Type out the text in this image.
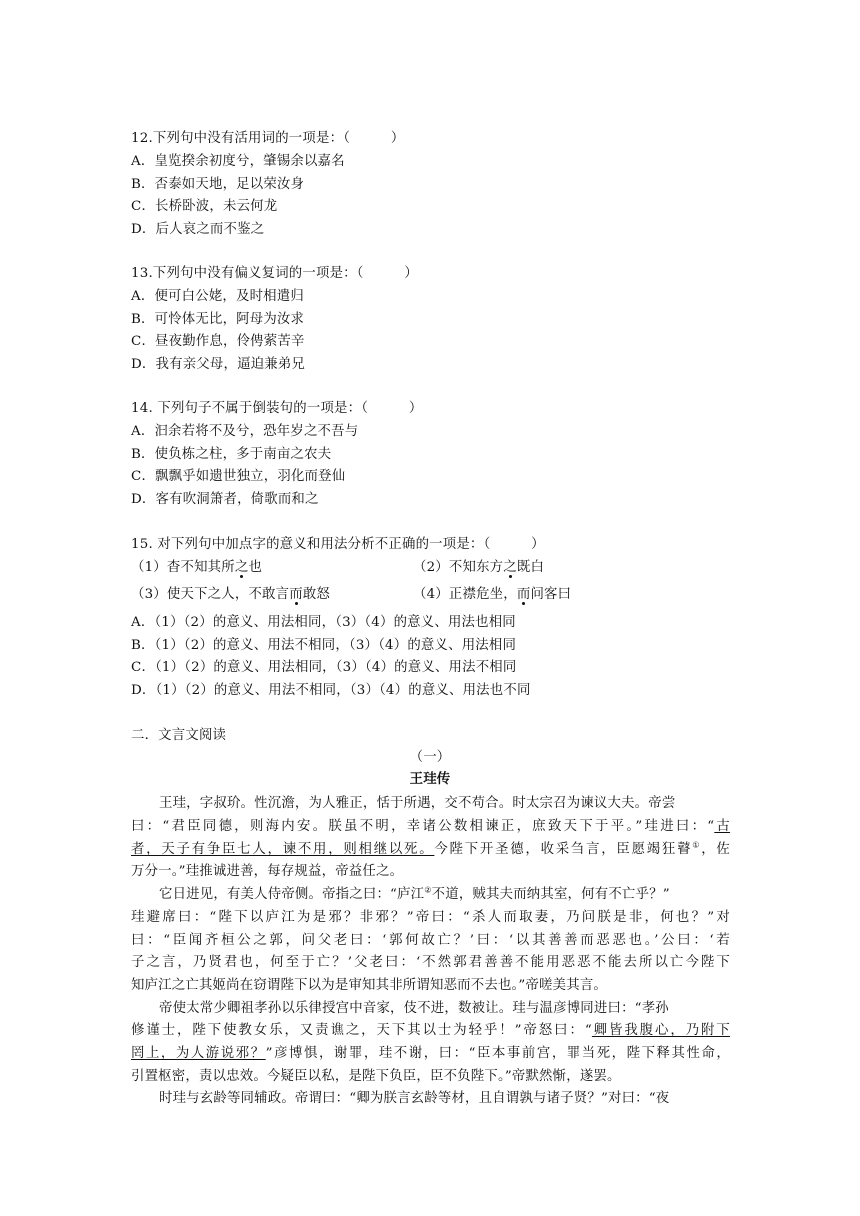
12.下列句中没有活用词的一项是：（　　　）
A．皇览揆余初度兮，肇锡余以嘉名
B．否泰如天地，足以荣汝身
C．长桥卧波，未云何龙
D．后人哀之而不鉴之
13.下列句中没有偏义复词的一项是：（　　　）
A．便可白公姥，及时相遣归
B．可怜体无比，阿母为汝求
C．昼夜勤作息，伶俜萦苦辛
D．我有亲父母，逼迫兼弟兄
14. 下列句子不属于倒装句的一项是：（　　　）
A．汩余若将不及兮，恐年岁之不吾与
B．使负栋之柱，多于南亩之农夫
C．飘飘乎如遗世独立，羽化而登仙
D．客有吹洞箫者，倚歌而和之
15. 对下列句中加点字的意义和用法分析不正确的一项是：（　　　）
（1）杳不知其所之也	（2）不知东方之既白
（3）使天下之人，不敢言而敢怒	（4）正襟危坐，而问客曰
A．（1）（2）的意义、用法相同，（3）（4）的意义、用法也相同
B．（1）（2）的意义、用法不相同，（3）（4）的意义、用法相同
C．（1）（2）的意义、用法相同，（3）（4）的意义、用法不相同
D．（1）（2）的意义、用法不相同，（3）（4）的意义、用法也不同
二．文言文阅读
（一）
王珪传
王珪，字叔玠。性沉澹，为人雅正，恬于所遇，交不苟合。时太宗召为谏议大夫。帝尝
曰：“君臣同德，则海内安。朕虽不明，幸诸公数相谏正，庶致天下于平。”珪进曰：“古
者，天子有争臣七人，谏不用，则相继以死。今陛下开圣德，收采刍言，臣愿竭狂瞽①，佐
万分一。”珪推诚进善，每存规益，帝益任之。
它日进见，有美人侍帝侧。帝指之曰：“庐江②不道，贼其夫而纳其室，何有不亡乎？”
珪避席曰：“陛下以庐江为是邪？非邪？”帝曰：“杀人而取妻，乃问朕是非，何也？”对
曰：“臣闻齐桓公之郭，问父老曰：‘郭何故亡？’曰：‘以其善善而恶恶也。’公曰：‘若
子之言，乃贤君也，何至于亡？’父老曰：‘不然郭君善善不能用恶恶不能去所以亡今陛下
知庐江之亡其姬尚在窃谓陛下以为是审知其非所谓知恶而不去也。”帝嗟美其言。
帝使太常少卿祖孝孙以乐律授宫中音家，伎不进，数被让。珪与温彦博同进曰：“孝孙
修谨士，陛下使教女乐，又责谯之，天下其以士为轻乎！”帝怒曰：“卿皆我腹心，乃附下
罔上，为人游说邪？”彦博惧，谢罪，珪不谢，曰：“臣本事前宫，罪当死，陛下释其性命，
引置枢密，责以忠效。今疑臣以私，是陛下负臣，臣不负陛下。”帝默然惭，遂罢。
时珪与玄龄等同辅政。帝谓曰：“卿为朕言玄龄等材，且自谓孰与诸子贤？”对曰：“夜
